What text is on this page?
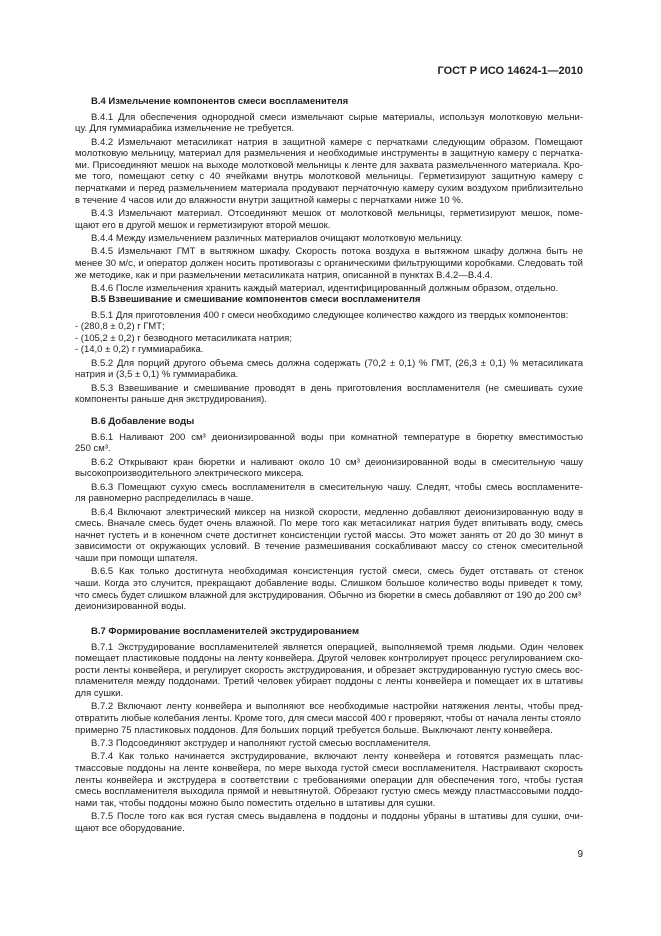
ГОСТ Р ИСО 14624-1—2010
В.4 Измельчение компонентов смеси воспламенителя
В.4.1 Для обеспечения однородной смеси измельчают сырые материалы, используя молотковую мельни-
цу. Для гуммиарабика измельчение не требуется.
В.4.2 Измельчают метасиликат натрия в защитной камере с перчатками следующим образом. Помещают
молотковую мельницу, материал для размельчения и необходимые инструменты в защитную камеру с перчатка-
ми. Присоединяют мешок на выходе молотковой мельницы к ленте для захвата размельченного материала. Кро-
ме того, помещают сетку с 40 ячейками внутрь молотковой мельницы. Герметизируют защитную камеру с
перчатками и перед размельчением материала продувают перчаточную камеру сухим воздухом приблизительно
в течение 4 часов или до влажности внутри защитной камеры с перчатками ниже 10 %.
В.4.3 Измельчают материал. Отсоединяют мешок от молотковой мельницы, герметизируют мешок, поме-
щают его в другой мешок и герметизируют второй мешок.
В.4.4 Между измельчением различных материалов очищают молотковую мельницу.
В.4.5 Измельчают ГМТ в вытяжном шкафу. Скорость потока воздуха в вытяжном шкафу должна быть не
менее 30 м/с, и оператор должен носить противогазы с органическими фильтрующими коробками. Следовать той
же методике, как и при размельчении метасиликата натрия, описанной в пунктах В.4.2—В.4.4.
В.4.6 После измельчения хранить каждый материал, идентифицированный должным образом, отдельно.
В.5 Взвешивание и смешивание компонентов смеси воспламенителя
В.5.1 Для приготовления 400 г смеси необходимо следующее количество каждого из твердых компонентов:
- (280,8 ± 0,2) г ГМТ;
- (105,2 ± 0,2) г безводного метасиликата натрия;
- (14,0 ± 0,2) г гуммиарабика.
В.5.2 Для порций другого объема смесь должна содержать (70,2 ± 0,1) % ГМТ, (26,3 ± 0,1) % метасиликата
натрия и (3,5 ± 0,1) % гуммиарабика.
В.5.3 Взвешивание и смешивание проводят в день приготовления воспламенителя (не смешивать сухие
компоненты раньше дня экструдирования).
В.6 Добавление воды
В.6.1 Наливают 200 см³ деионизированной воды при комнатной температуре в бюретку вместимостью
250 см³.
В.6.2 Открывают кран бюретки и наливают около 10 см³ деионизированной воды в смесительную чашу
высокопроизводительного электрического миксера.
В.6.3 Помещают сухую смесь воспламенителя в смесительную чашу. Следят, чтобы смесь воспламените-
ля равномерно распределилась в чаше.
В.6.4 Включают электрический миксер на низкой скорости, медленно добавляют деионизированную воду в
смесь. Вначале смесь будет очень влажной. По мере того как метасиликат натрия будет впитывать воду, смесь
начнет густеть и в конечном счете достигнет консистенции густой массы. Это может занять от 20 до 30 минут в
зависимости от окружающих условий. В течение размешивания соскабливают массу со стенок смесительной
чаши при помощи шпателя.
В.6.5 Как только достигнута необходимая консистенция густой смеси, смесь будет отставать от стенок
чаши. Когда это случится, прекращают добавление воды. Слишком большое количество воды приведет к тому,
что смесь будет слишком влажной для экструдирования. Обычно из бюретки в смесь добавляют от 190 до 200 см³
деионизированной воды.
В.7 Формирование воспламенителей экструдированием
В.7.1 Экструдирование воспламенителей является операцией, выполняемой тремя людьми. Один человек
помещает пластиковые поддоны на ленту конвейера. Другой человек контролирует процесс регулированием ско-
рости ленты конвейера, и регулирует скорость экструдирования, и обрезает экструдированную густую смесь вос-
пламенителя между поддонами. Третий человек убирает поддоны с ленты конвейера и помещает их в штативы
для сушки.
В.7.2 Включают ленту конвейера и выполняют все необходимые настройки натяжения ленты, чтобы пред-
отвратить любые колебания ленты. Кроме того, для смеси массой 400 г проверяют, чтобы от начала ленты стояло
примерно 75 пластиковых поддонов. Для больших порций требуется больше. Выключают ленту конвейера.
В.7.3 Подсоединяют экструдер и наполняют густой смесью воспламенителя.
В.7.4 Как только начинается экструдирование, включают ленту конвейера и готовятся размещать плас-
тмассовые поддоны на ленте конвейера, по мере выхода густой смеси воспламенителя. Настраивают скорость
ленты конвейера и экструдера в соответствии с требованиями операции для обеспечения того, чтобы густая
смесь воспламенителя выходила прямой и невытянутой. Обрезают густую смесь между пластмассовыми поддо-
нами так, чтобы поддоны можно было поместить отдельно в штативы для сушки.
В.7.5 После того как вся густая смесь выдавлена в поддоны и поддоны убраны в штативы для сушки, очи-
щают все оборудование.
9
